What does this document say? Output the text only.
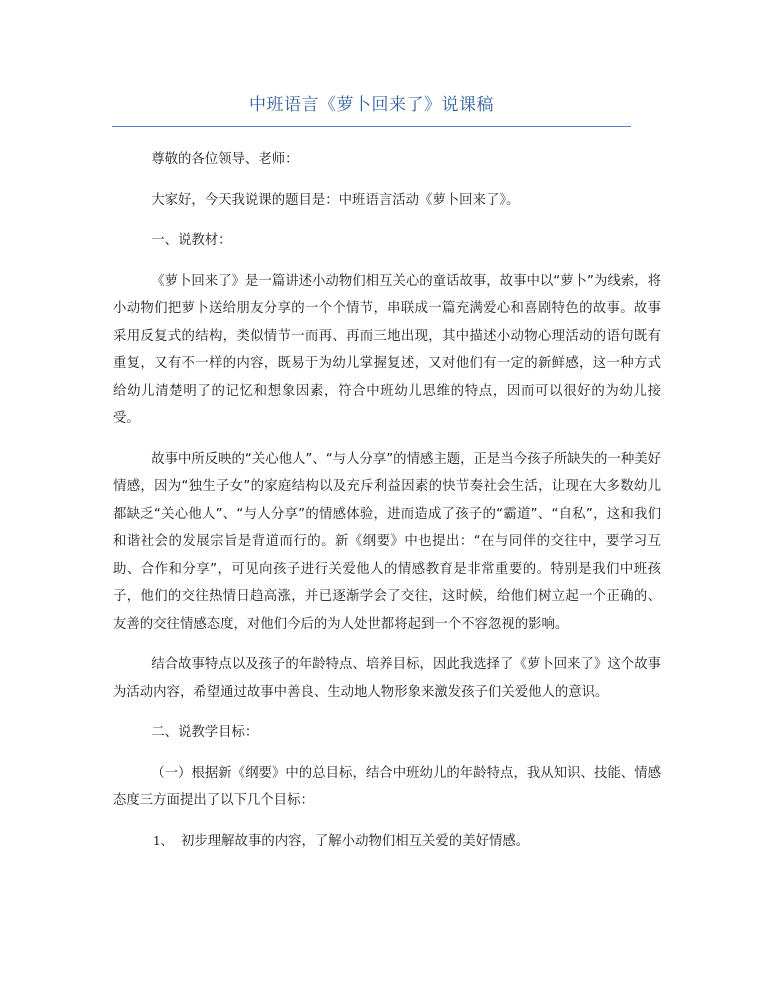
中班语言《萝卜回来了》说课稿

尊敬的各位领导、老师：

大家好，今天我说课的题目是：中班语言活动《萝卜回来了》。

一、说教材：

《萝卜回来了》是一篇讲述小动物们相互关心的童话故事，故事中以“萝卜”为线索，将小动物们把萝卜送给朋友分享的一个个情节，串联成一篇充满爱心和喜剧特色的故事。故事采用反复式的结构，类似情节一而再、再而三地出现，其中描述小动物心理活动的语句既有重复，又有不一样的内容，既易于为幼儿掌握复述，又对他们有一定的新鲜感，这一种方式给幼儿清楚明了的记忆和想象因素，符合中班幼儿思维的特点，因而可以很好的为幼儿接受。

故事中所反映的“关心他人”、“与人分享”的情感主题，正是当今孩子所缺失的一种美好情感，因为“独生子女”的家庭结构以及充斥利益因素的快节奏社会生活，让现在大多数幼儿都缺乏“关心他人”、“与人分享”的情感体验，进而造成了孩子的“霸道”、“自私”，这和我们和谐社会的发展宗旨是背道而行的。新《纲要》中也提出：“在与同伴的交往中，要学习互助、合作和分享”，可见向孩子进行关爱他人的情感教育是非常重要的。特别是我们中班孩子，他们的交往热情日趋高涨，并已逐渐学会了交往，这时候，给他们树立起一个正确的、友善的交往情感态度，对他们今后的为人处世都将起到一个不容忽视的影响。

结合故事特点以及孩子的年龄特点、培养目标，因此我选择了《萝卜回来了》这个故事为活动内容，希望通过故事中善良、生动地人物形象来激发孩子们关爱他人的意识。

二、说教学目标：

（一）根据新《纲要》中的总目标，结合中班幼儿的年龄特点，我从知识、技能、情感态度三方面提出了以下几个目标：

1、 初步理解故事的内容，了解小动物们相互关爱的美好情感。
